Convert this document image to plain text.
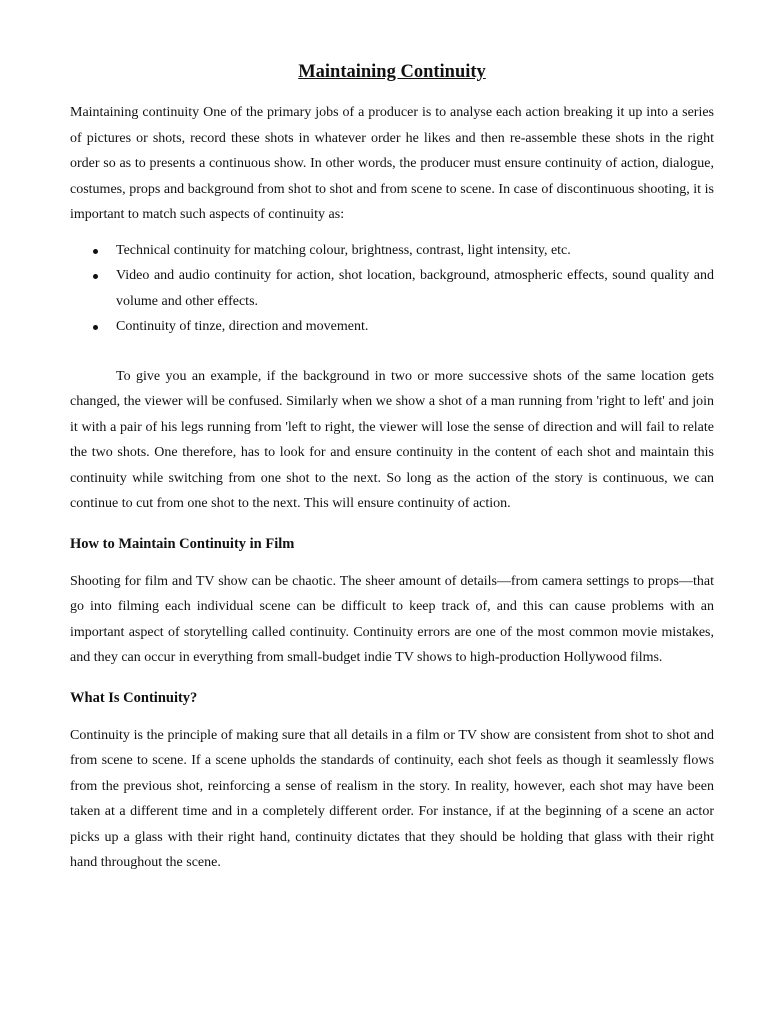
Maintaining Continuity

Maintaining continuity One of the primary jobs of a producer is to analyse each action breaking it up into a series of pictures or shots, record these shots in whatever order he likes and then re-assemble these shots in the right order so as to presents a continuous show. In other words, the producer must ensure continuity of action, dialogue, costumes, props and background from shot to shot and from scene to scene. In case of discontinuous shooting, it is important to match such aspects of continuity as:

Technical continuity for matching colour, brightness, contrast, light intensity, etc.
Video and audio continuity for action, shot location, background, atmospheric effects, sound quality and volume and other effects.
Continuity of tinze, direction and movement.

To give you an example, if the background in two or more successive shots of the same location gets changed, the viewer will be confused. Similarly when we show a shot of a man running from 'right to left' and join it with a pair of his legs running from 'left to right, the viewer will lose the sense of direction and will fail to relate the two shots. One therefore, has to look for and ensure continuity in the content of each shot and maintain this continuity while switching from one shot to the next. So long as the action of the story is continuous, we can continue to cut from one shot to the next. This will ensure continuity of action.

How to Maintain Continuity in Film

Shooting for film and TV show can be chaotic. The sheer amount of details—from camera settings to props—that go into filming each individual scene can be difficult to keep track of, and this can cause problems with an important aspect of storytelling called continuity. Continuity errors are one of the most common movie mistakes, and they can occur in everything from small-budget indie TV shows to high-production Hollywood films.

What Is Continuity?

Continuity is the principle of making sure that all details in a film or TV show are consistent from shot to shot and from scene to scene. If a scene upholds the standards of continuity, each shot feels as though it seamlessly flows from the previous shot, reinforcing a sense of realism in the story. In reality, however, each shot may have been taken at a different time and in a completely different order. For instance, if at the beginning of a scene an actor picks up a glass with their right hand, continuity dictates that they should be holding that glass with their right hand throughout the scene.
